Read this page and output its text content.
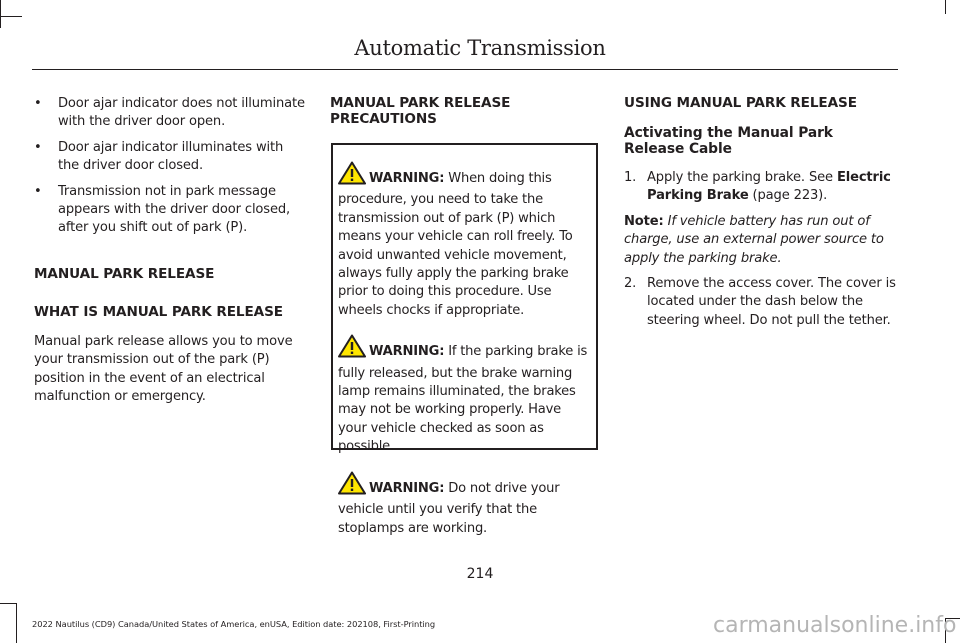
Automatic Transmission
• Door ajar indicator does not illuminate with the driver door open.
• Door ajar indicator illuminates with the driver door closed.
• Transmission not in park message appears with the driver door closed, after you shift out of park (P).
MANUAL PARK RELEASE
WHAT IS MANUAL PARK RELEASE
Manual park release allows you to move your transmission out of the park (P) position in the event of an electrical malfunction or emergency.
MANUAL PARK RELEASE PRECAUTIONS
WARNING: When doing this procedure, you need to take the transmission out of park (P) which means your vehicle can roll freely. To avoid unwanted vehicle movement, always fully apply the parking brake prior to doing this procedure. Use wheels chocks if appropriate.
WARNING: If the parking brake is fully released, but the brake warning lamp remains illuminated, the brakes may not be working properly. Have your vehicle checked as soon as possible.
WARNING: Do not drive your vehicle until you verify that the stoplamps are working.
USING MANUAL PARK RELEASE
Activating the Manual Park Release Cable
1. Apply the parking brake. See Electric Parking Brake (page 223).
Note: If vehicle battery has run out of charge, use an external power source to apply the parking brake.
2. Remove the access cover. The cover is located under the dash below the steering wheel. Do not pull the tether.
214
2022 Nautilus (CD9) Canada/United States of America, enUSA, Edition date: 202108, First-Printing	carmanualsonline.info
